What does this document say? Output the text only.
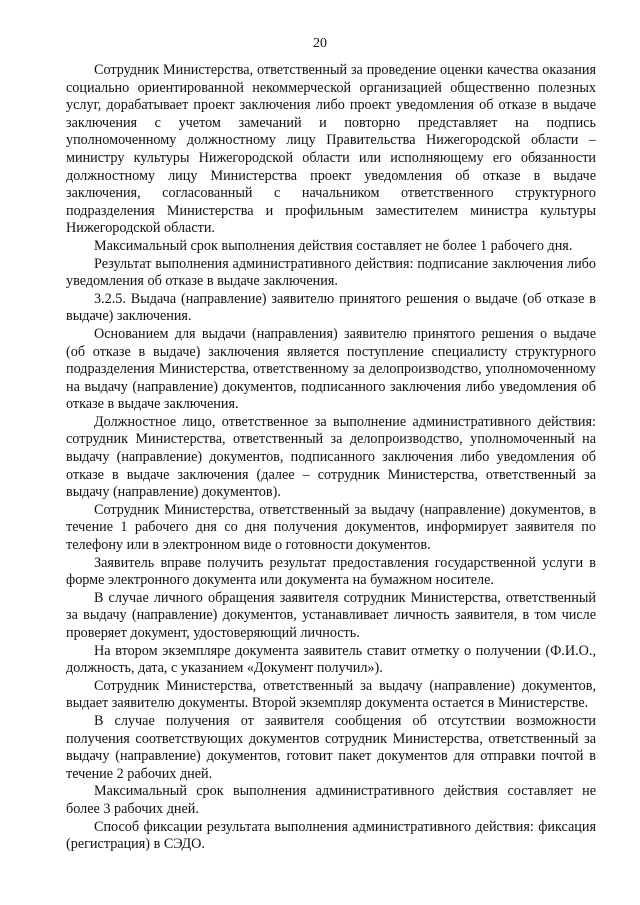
20

Сотрудник Министерства, ответственный за проведение оценки качества оказания социально ориентированной некоммерческой организацией общественно полезных услуг, дорабатывает проект заключения либо проект уведомления об отказе в выдаче заключения с учетом замечаний и повторно представляет на подпись уполномоченному должностному лицу Правительства Нижегородской области – министру культуры Нижегородской области или исполняющему его обязанности должностному лицу Министерства проект уведомления об отказе в выдаче заключения, согласованный с начальником ответственного структурного подразделения Министерства и профильным заместителем министра культуры Нижегородской области.

Максимальный срок выполнения действия составляет не более 1 рабочего дня.

Результат выполнения административного действия: подписание заключения либо уведомления об отказе в выдаче заключения.

3.2.5. Выдача (направление) заявителю принятого решения о выдаче (об отказе в выдаче) заключения.

Основанием для выдачи (направления) заявителю принятого решения о выдаче (об отказе в выдаче) заключения является поступление специалисту структурного подразделения Министерства, ответственному за делопроизводство, уполномоченному на выдачу (направление) документов, подписанного заключения либо уведомления об отказе в выдаче заключения.

Должностное лицо, ответственное за выполнение административного действия: сотрудник Министерства, ответственный за делопроизводство, уполномоченный на выдачу (направление) документов, подписанного заключения либо уведомления об отказе в выдаче заключения (далее – сотрудник Министерства, ответственный за выдачу (направление) документов).

Сотрудник Министерства, ответственный за выдачу (направление) документов, в течение 1 рабочего дня со дня получения документов, информирует заявителя по телефону или в электронном виде о готовности документов.

Заявитель вправе получить результат предоставления государственной услуги в форме электронного документа или документа на бумажном носителе.

В случае личного обращения заявителя сотрудник Министерства, ответственный за выдачу (направление) документов, устанавливает личность заявителя, в том числе проверяет документ, удостоверяющий личность.

На втором экземпляре документа заявитель ставит отметку о получении (Ф.И.О., должность, дата, с указанием «Документ получил»).

Сотрудник Министерства, ответственный за выдачу (направление) документов, выдает заявителю документы. Второй экземпляр документа остается в Министерстве.

В случае получения от заявителя сообщения об отсутствии возможности получения соответствующих документов сотрудник Министерства, ответственный за выдачу (направление) документов, готовит пакет документов для отправки почтой в течение 2 рабочих дней.

Максимальный срок выполнения административного действия составляет не более 3 рабочих дней.

Способ фиксации результата выполнения административного действия: фиксация (регистрация) в СЭДО.
